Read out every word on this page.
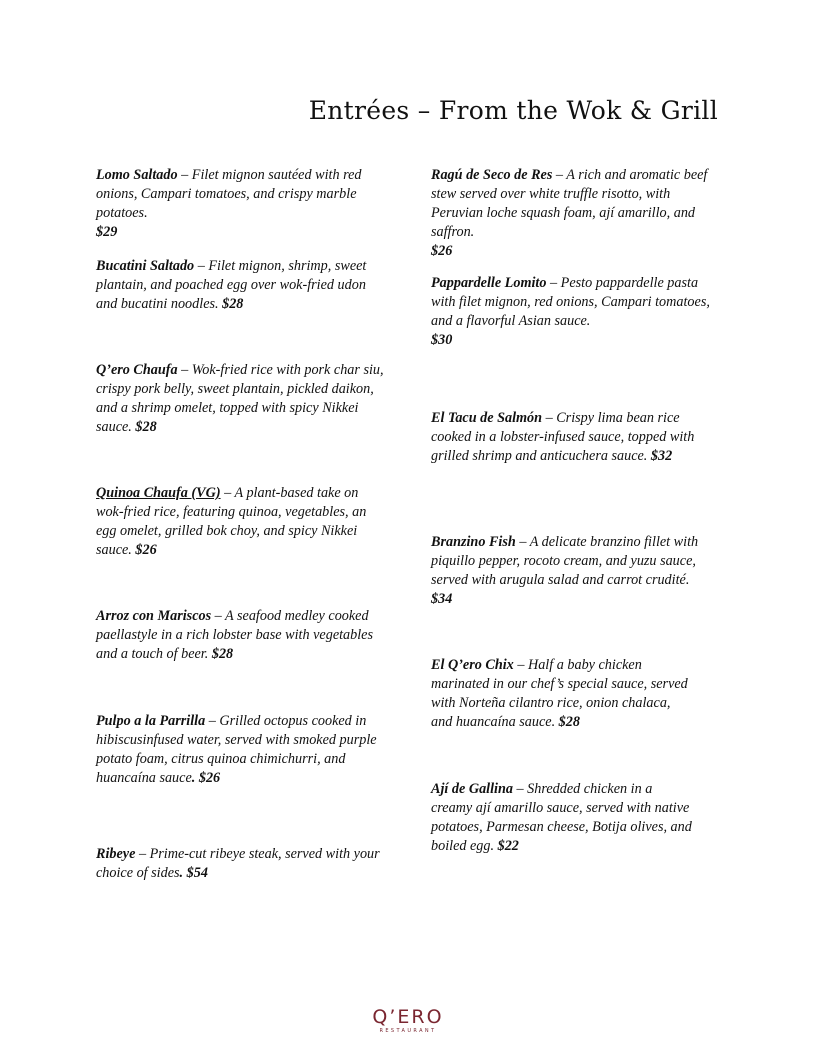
Entrées – From the Wok & Grill
Lomo Saltado – Filet mignon sautéed with red onions, Campari tomatoes, and crispy marble potatoes.
$29
Bucatini Saltado – Filet mignon, shrimp, sweet plantain, and poached egg over wok-fried udon and bucatini noodles. $28
Q’ero Chaufa – Wok-fried rice with pork char siu, crispy pork belly, sweet plantain, pickled daikon, and a shrimp omelet, topped with spicy Nikkei sauce. $28
Quinoa Chaufa (VG) – A plant-based take on wok-fried rice, featuring quinoa, vegetables, an egg omelet, grilled bok choy, and spicy Nikkei sauce. $26
Arroz con Mariscos – A seafood medley cooked paellastyle in a rich lobster base with vegetables and a touch of beer. $28
Pulpo a la Parrilla – Grilled octopus cooked in hibiscusinfused water, served with smoked purple potato foam, citrus quinoa chimichurri, and huancaína sauce. $26
Ribeye – Prime-cut ribeye steak, served with your choice of sides. $54
Ragú de Seco de Res – A rich and aromatic beef stew served over white truffle risotto, with Peruvian loche squash foam, ají amarillo, and saffron.
$26
Pappardelle Lomito – Pesto pappardelle pasta with filet mignon, red onions, Campari tomatoes, and a flavorful Asian sauce.
$30
El Tacu de Salmón – Crispy lima bean rice cooked in a lobster-infused sauce, topped with grilled shrimp and anticuchera sauce. $32
Branzino Fish – A delicate branzino fillet with piquillo pepper, rocoto cream, and yuzu sauce, served with arugula salad and carrot crudité. $34
El Q’ero Chix – Half a baby chicken marinated in our chef’s special sauce, served with Norteña cilantro rice, onion chalaca, and huancaína sauce. $28
Ají de Gallina – Shredded chicken in a creamy ají amarillo sauce, served with native potatoes, Parmesan cheese, Botija olives, and boiled egg. $22
Q’ERO
RESTAURANT
